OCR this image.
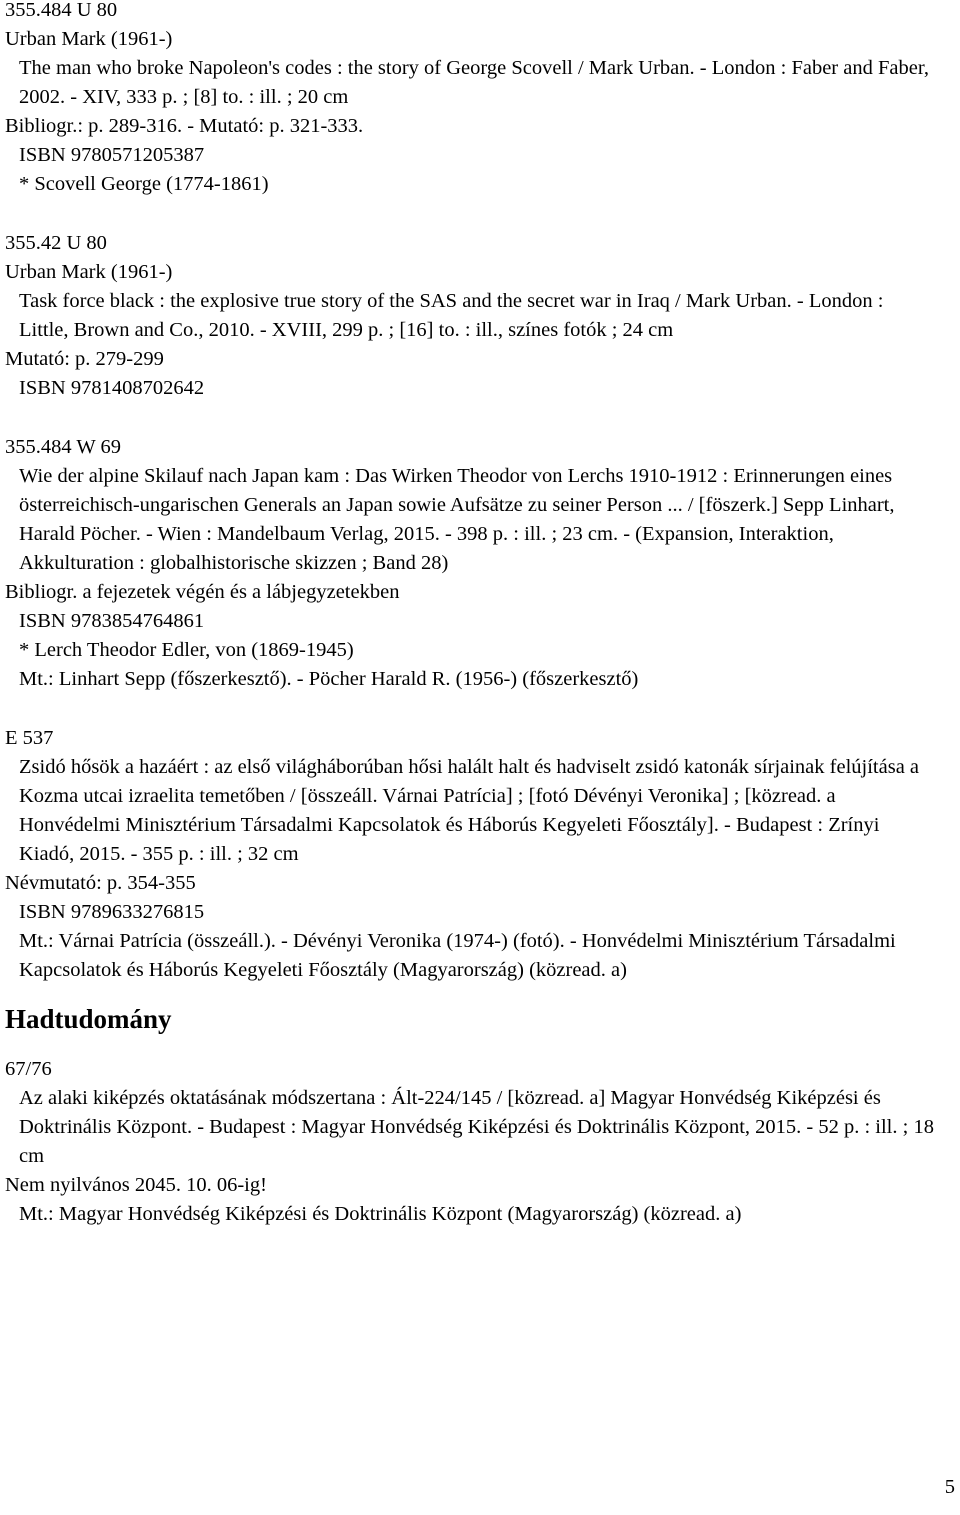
355.484 U 80
Urban Mark (1961-)
The man who broke Napoleon's codes : the story of George Scovell / Mark Urban. - London : Faber and Faber, 2002. - XIV, 333 p. ; [8] to. : ill. ; 20 cm
Bibliogr.: p. 289-316. - Mutató: p. 321-333.
ISBN 9780571205387
* Scovell George (1774-1861)
355.42 U 80
Urban Mark (1961-)
Task force black : the explosive true story of the SAS and the secret war in Iraq / Mark Urban. - London : Little, Brown and Co., 2010. - XVIII, 299 p. ; [16] to. : ill., színes fotók ; 24 cm
Mutató: p. 279-299
ISBN 9781408702642
355.484 W 69
Wie der alpine Skilauf nach Japan kam : Das Wirken Theodor von Lerchs 1910-1912 : Erinnerungen eines österreichisch-ungarischen Generals an Japan sowie Aufsätze zu seiner Person ... / [föszerk.] Sepp Linhart, Harald Pöcher. - Wien : Mandelbaum Verlag, 2015. - 398 p. : ill. ; 23 cm. - (Expansion, Interaktion, Akkulturation : globalhistorische skizzen ; Band 28)
Bibliogr. a fejezetek végén és a lábjegyzetekben
ISBN 9783854764861
* Lerch Theodor Edler, von (1869-1945)
Mt.: Linhart Sepp (főszerkesztő). - Pöcher Harald R. (1956-) (főszerkesztő)
E 537
Zsidó hősök a hazáért : az első világháborúban hősi halált halt és hadviselt zsidó katonák sírjainak felújítása a Kozma utcai izraelita temetőben / [összeáll. Várnai Patrícia] ; [fotó Dévényi Veronika] ; [közread. a Honvédelmi Minisztérium Társadalmi Kapcsolatok és Háborús Kegyeleti Főosztály]. - Budapest : Zrínyi Kiadó, 2015. - 355 p. : ill. ; 32 cm
Névmutató: p. 354-355
ISBN 9789633276815
Mt.: Várnai Patrícia (összeáll.). - Dévényi Veronika (1974-) (fotó). - Honvédelmi Minisztérium Társadalmi Kapcsolatok és Háborús Kegyeleti Főosztály (Magyarország) (közread. a)
Hadtudomány
67/76
Az alaki kiképzés oktatásának módszertana : Ált-224/145 / [közread. a] Magyar Honvédség Kiképzési és Doktrinális Központ. - Budapest : Magyar Honvédség Kiképzési és Doktrinális Központ, 2015. - 52 p. : ill. ; 18 cm
Nem nyilvános 2045. 10. 06-ig!
Mt.: Magyar Honvédség Kiképzési és Doktrinális Központ (Magyarország) (közread. a)
5
